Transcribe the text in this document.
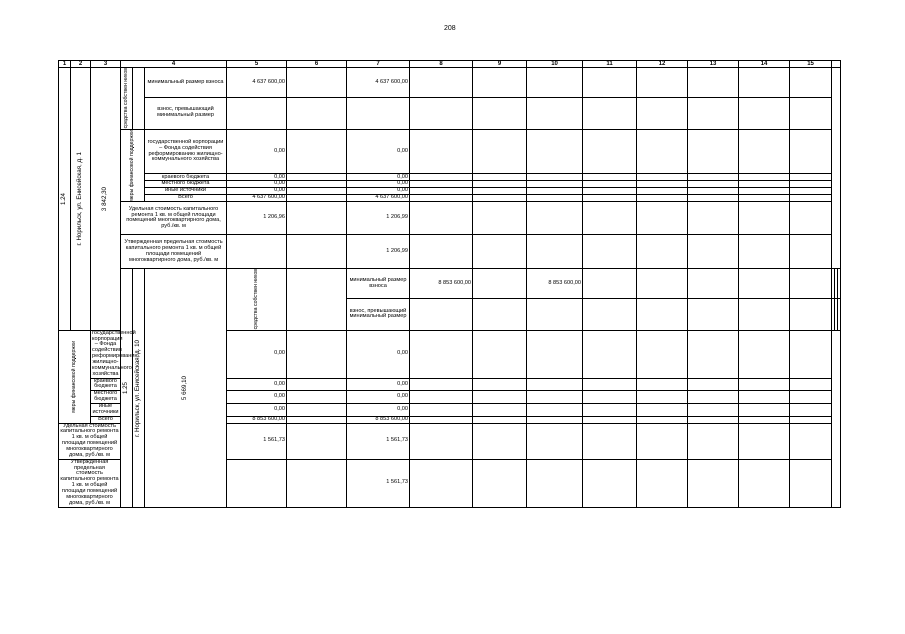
208
1	2	3	4			5	6	7	8	9	10	11	12	13	14	15			

1.24	г. Норильск, ул. Енисейская, д. 1	3 842,30	средства собствен ников		минимальный размер взноса	4 637 600,00		4 637 600,00											
					взнос, превышающий минимальный размер														

			меры финансовой поддержки		государственной корпорации – Фонда содействия реформированию жилищно-коммунального хозяйства	0,00		0,00											
					краевого бюджета	0,00		0,00											
					местного бюджета	0,00		0,00											
					иные источники	0,00		0,00											
					Всего	4 637 600,00		4 637 600,00											
			Удельная стоимость капитального ремонта 1 кв. м общей площади помещений многоквартирного дома, руб./кв. м			1 206,96		1 206,99											
			Утвержденная предельная стоимость капитального ремонта 1 кв. м общей площади помещений многоквартирного дома, руб./кв. м					1 206,99											

			1.25	г. Норильск, ул. Енисейская, д. 10	5 669,10	средства собствен ников		минимальный размер взноса	8 853 600,00		8 853 600,00								
								взнос, превышающий минимальный размер											

меры финансовой поддержки		государственной корпорации – Фонда содействия реформированию жилищно-коммунального хозяйства				0,00		0,00											
		краевого бюджета				0,00		0,00											
		местного бюджета				0,00		0,00											
		иные источники				0,00		0,00											
		Всего				8 853 600,00		8 853 600,00											
Удельная стоимость капитального ремонта 1 кв. м общей площади помещений многоквартирного дома, руб./кв. м						1 561,73		1 561,73											
Утвержденная предельная стоимость капитального ремонта 1 кв. м общей площади помещений многоквартирного дома, руб./кв. м								1 561,73											
